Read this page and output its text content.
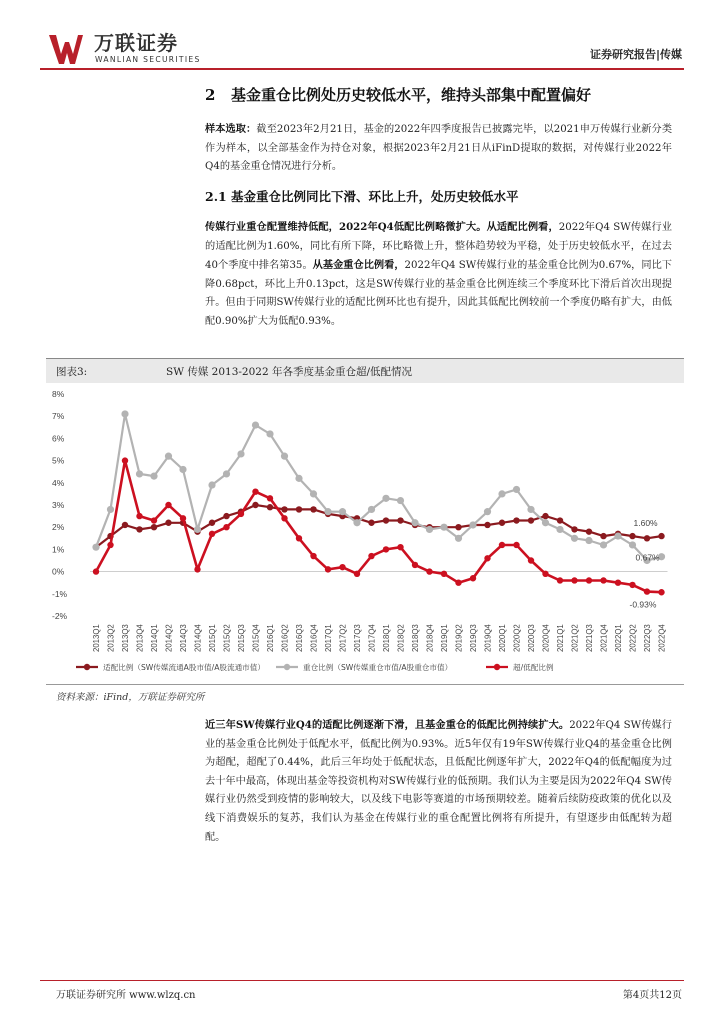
万联证券
WANLIAN SECURITIES	证券研究报告|传媒
2 基金重仓比例处历史较低水平，维持头部集中配置偏好
样本选取：截至2023年2月21日，基金的2022年四季度报告已披露完毕，以2021申万传媒行业新分类作为样本，以全部基金作为持仓对象，根据2023年2月21日从iFinD提取的数据，对传媒行业2022年Q4的基金重仓情况进行分析。
2.1 基金重仓比例同比下滑、环比上升，处历史较低水平
传媒行业重仓配置维持低配，2022年Q4低配比例略微扩大。从适配比例看，2022年Q4 SW传媒行业的适配比例为1.60%，同比有所下降，环比略微上升，整体趋势较为平稳，处于历史较低水平，在过去40个季度中排名第35。从基金重仓比例看，2022年Q4 SW传媒行业的基金重仓比例为0.67%，同比下降0.68pct，环比上升0.13pct，这是SW传媒行业的基金重仓比例连续三个季度环比下滑后首次出现提升。但由于同期SW传媒行业的适配比例环比也有提升，因此其低配比例较前一个季度仍略有扩大，由低配0.90%扩大为低配0.93%。
图表3:	SW 传媒 2013-2022 年各季度基金重仓超/低配情况
8%
7%
6%
5%
4%
3%
2%
1%
0%
-1%
-2%
2013Q1 2013Q2 2013Q3 2013Q4 2014Q1 2014Q2 2014Q3 2014Q4 2015Q1 2015Q2 2015Q3 2015Q4 2016Q1 2016Q2 2016Q3 2016Q4 2017Q1 2017Q2 2017Q3 2017Q4 2018Q1 2018Q2 2018Q3 2018Q4 2019Q1 2019Q2 2019Q3 2019Q4 2020Q1 2020Q2 2020Q3 2020Q4 2021Q1 2021Q2 2021Q3 2021Q4 2022Q1 2022Q2 2022Q3 2022Q4
1.60%
0.67%
-0.93%
适配比例（SW传媒流通A股市值/A股流通市值）	重仓比例（SW传媒重仓市值/A股重仓市值）	超/低配比例
资料来源：iFind，万联证券研究所
近三年SW传媒行业Q4的适配比例逐渐下滑，且基金重仓的低配比例持续扩大。2022年Q4 SW传媒行业的基金重仓比例处于低配水平，低配比例为0.93%。近5年仅有19年SW传媒行业Q4的基金重仓比例为超配，超配了0.44%，此后三年均处于低配状态，且低配比例逐年扩大，2022年Q4的低配幅度为过去十年中最高，体现出基金等投资机构对SW传媒行业的低预期。我们认为主要是因为2022年Q4 SW传媒行业仍然受到疫情的影响较大，以及线下电影等赛道的市场预期较差。随着后续防疫政策的优化以及线下消费娱乐的复苏，我们认为基金在传媒行业的重仓配置比例将有所提升，有望逐步由低配转为超配。
万联证券研究所 www.wlzq.cn	第4页共12页
